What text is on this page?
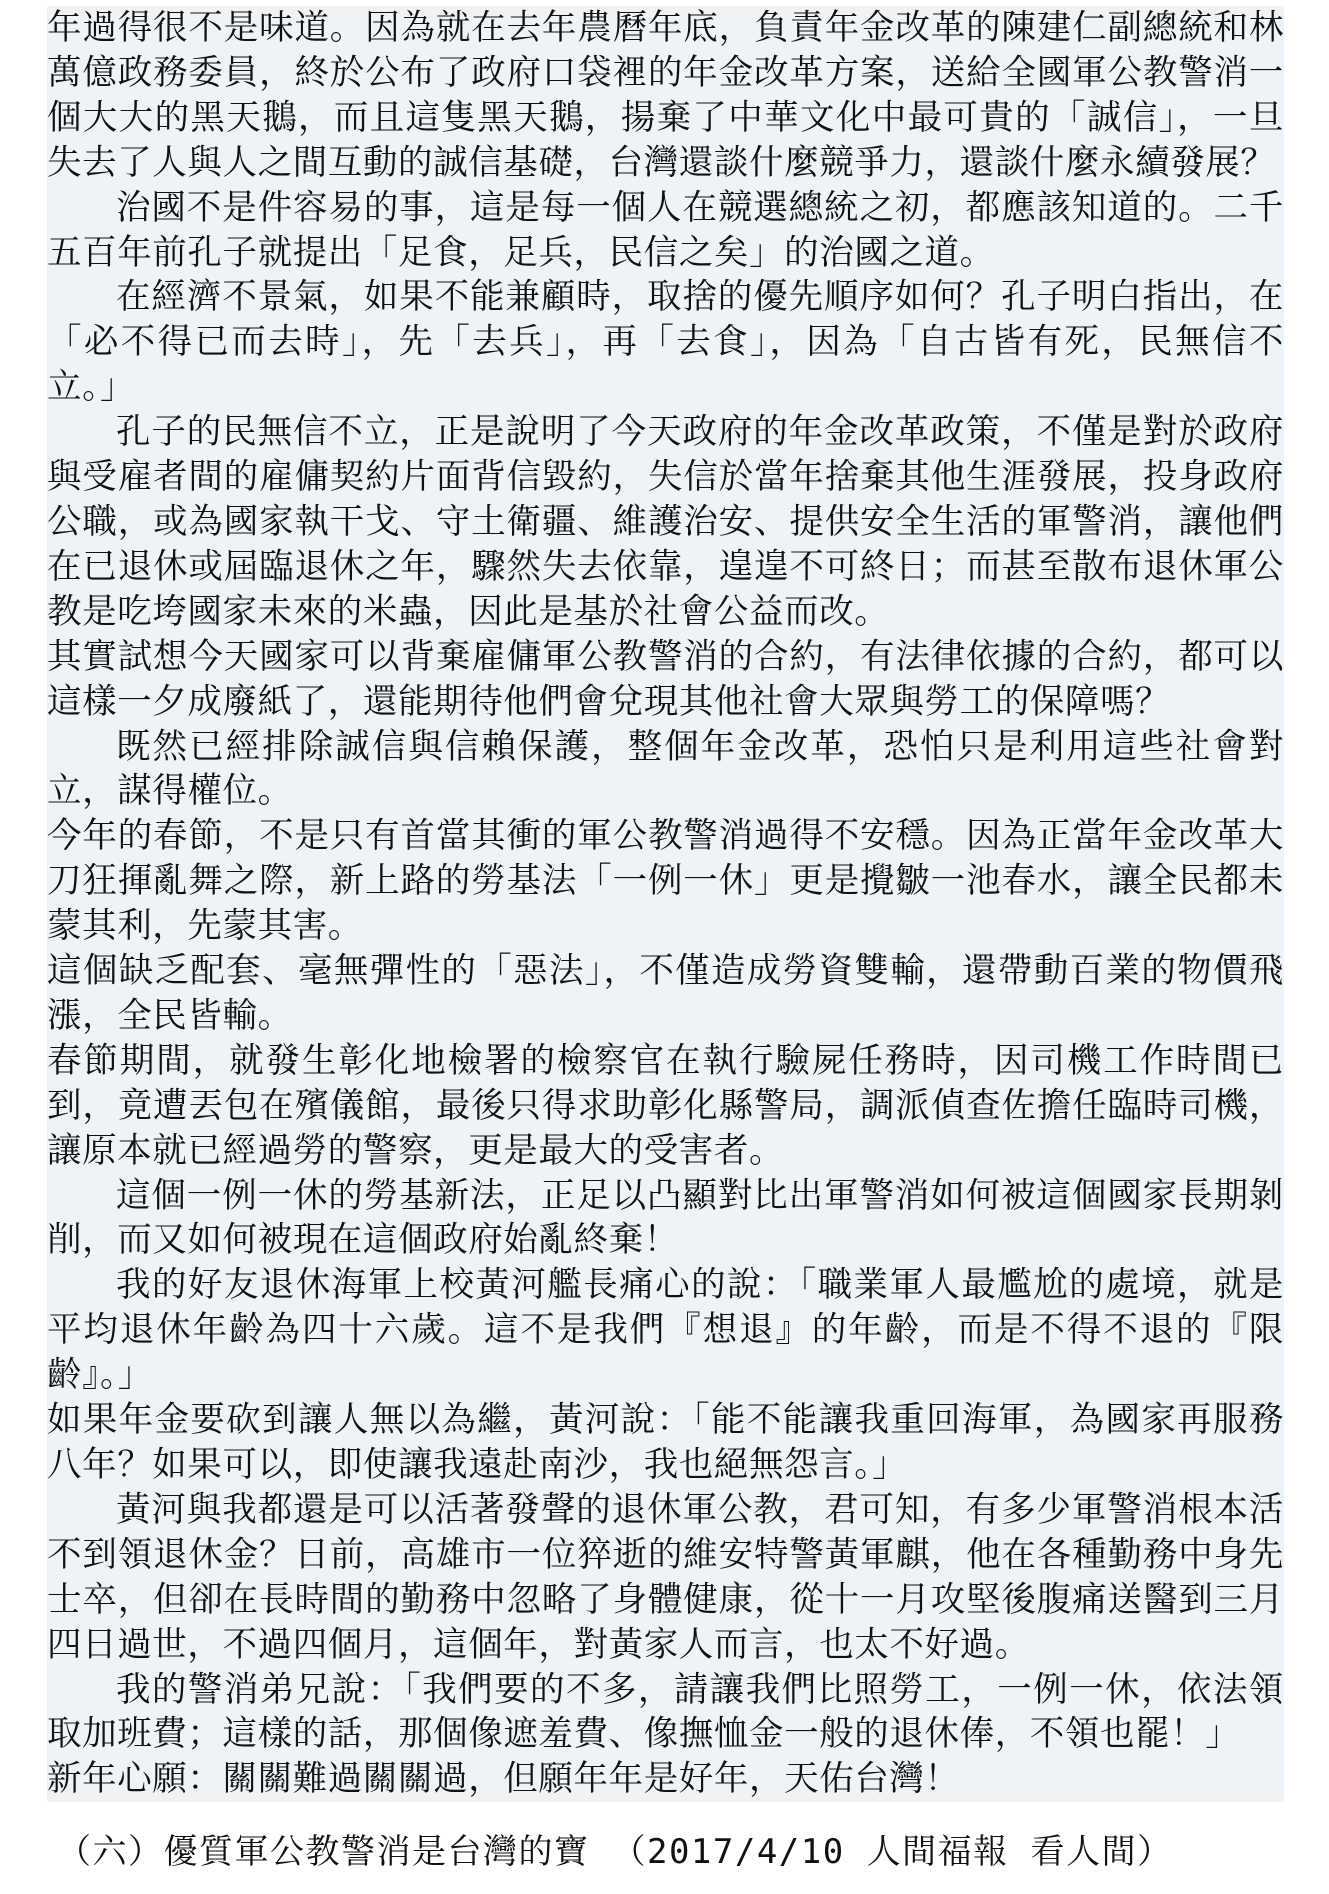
年過得很不是味道。因為就在去年農曆年底，負責年金改革的陳建仁副總統和林萬億政務委員，終於公布了政府口袋裡的年金改革方案，送給全國軍公教警消一個大大的黑天鵝，而且這隻黑天鵝，揚棄了中華文化中最可貴的「誠信」，一旦失去了人與人之間互動的誠信基礎，台灣還談什麼競爭力，還談什麼永續發展？

治國不是件容易的事，這是每一個人在競選總統之初，都應該知道的。二千五百年前孔子就提出「足食，足兵，民信之矣」的治國之道。

在經濟不景氣，如果不能兼顧時，取捨的優先順序如何？孔子明白指出，在「必不得已而去時」，先「去兵」，再「去食」，因為「自古皆有死，民無信不立。」

孔子的民無信不立，正是說明了今天政府的年金改革政策，不僅是對於政府與受雇者間的雇傭契約片面背信毀約，失信於當年捨棄其他生涯發展，投身政府公職，或為國家執干戈、守土衛疆、維護治安、提供安全生活的軍警消，讓他們在已退休或屆臨退休之年，驟然失去依靠，遑遑不可終日；而甚至散布退休軍公教是吃垮國家未來的米蟲，因此是基於社會公益而改。

其實試想今天國家可以背棄雇傭軍公教警消的合約，有法律依據的合約，都可以這樣一夕成廢紙了，還能期待他們會兌現其他社會大眾與勞工的保障嗎？

既然已經排除誠信與信賴保護，整個年金改革，恐怕只是利用這些社會對立，謀得權位。

今年的春節，不是只有首當其衝的軍公教警消過得不安穩。因為正當年金改革大刀狂揮亂舞之際，新上路的勞基法「一例一休」更是攪皺一池春水，讓全民都未蒙其利，先蒙其害。

這個缺乏配套、毫無彈性的「惡法」，不僅造成勞資雙輸，還帶動百業的物價飛漲，全民皆輸。

春節期間，就發生彰化地檢署的檢察官在執行驗屍任務時，因司機工作時間已到，竟遭丟包在殯儀館，最後只得求助彰化縣警局，調派偵查佐擔任臨時司機，讓原本就已經過勞的警察，更是最大的受害者。

這個一例一休的勞基新法，正足以凸顯對比出軍警消如何被這個國家長期剝削，而又如何被現在這個政府始亂終棄！

我的好友退休海軍上校黃河艦長痛心的說：「職業軍人最尷尬的處境，就是平均退休年齡為四十六歲。這不是我們『想退』的年齡，而是不得不退的『限齡』。」

如果年金要砍到讓人無以為繼，黃河說：「能不能讓我重回海軍，為國家再服務八年？如果可以，即使讓我遠赴南沙，我也絕無怨言。」

黃河與我都還是可以活著發聲的退休軍公教，君可知，有多少軍警消根本活不到領退休金？日前，高雄市一位猝逝的維安特警黃軍麒，他在各種勤務中身先士卒，但卻在長時間的勤務中忽略了身體健康，從十一月攻堅後腹痛送醫到三月四日過世，不過四個月，這個年，對黃家人而言，也太不好過。

我的警消弟兄說：「我們要的不多，請讓我們比照勞工，一例一休，依法領取加班費；這樣的話，那個像遮羞費、像撫恤金一般的退休俸，不領也罷！」

新年心願：關關難過關關過，但願年年是好年，天佑台灣！

（六）優質軍公教警消是台灣的寶 （2017/4/10 人間福報 看人間）
